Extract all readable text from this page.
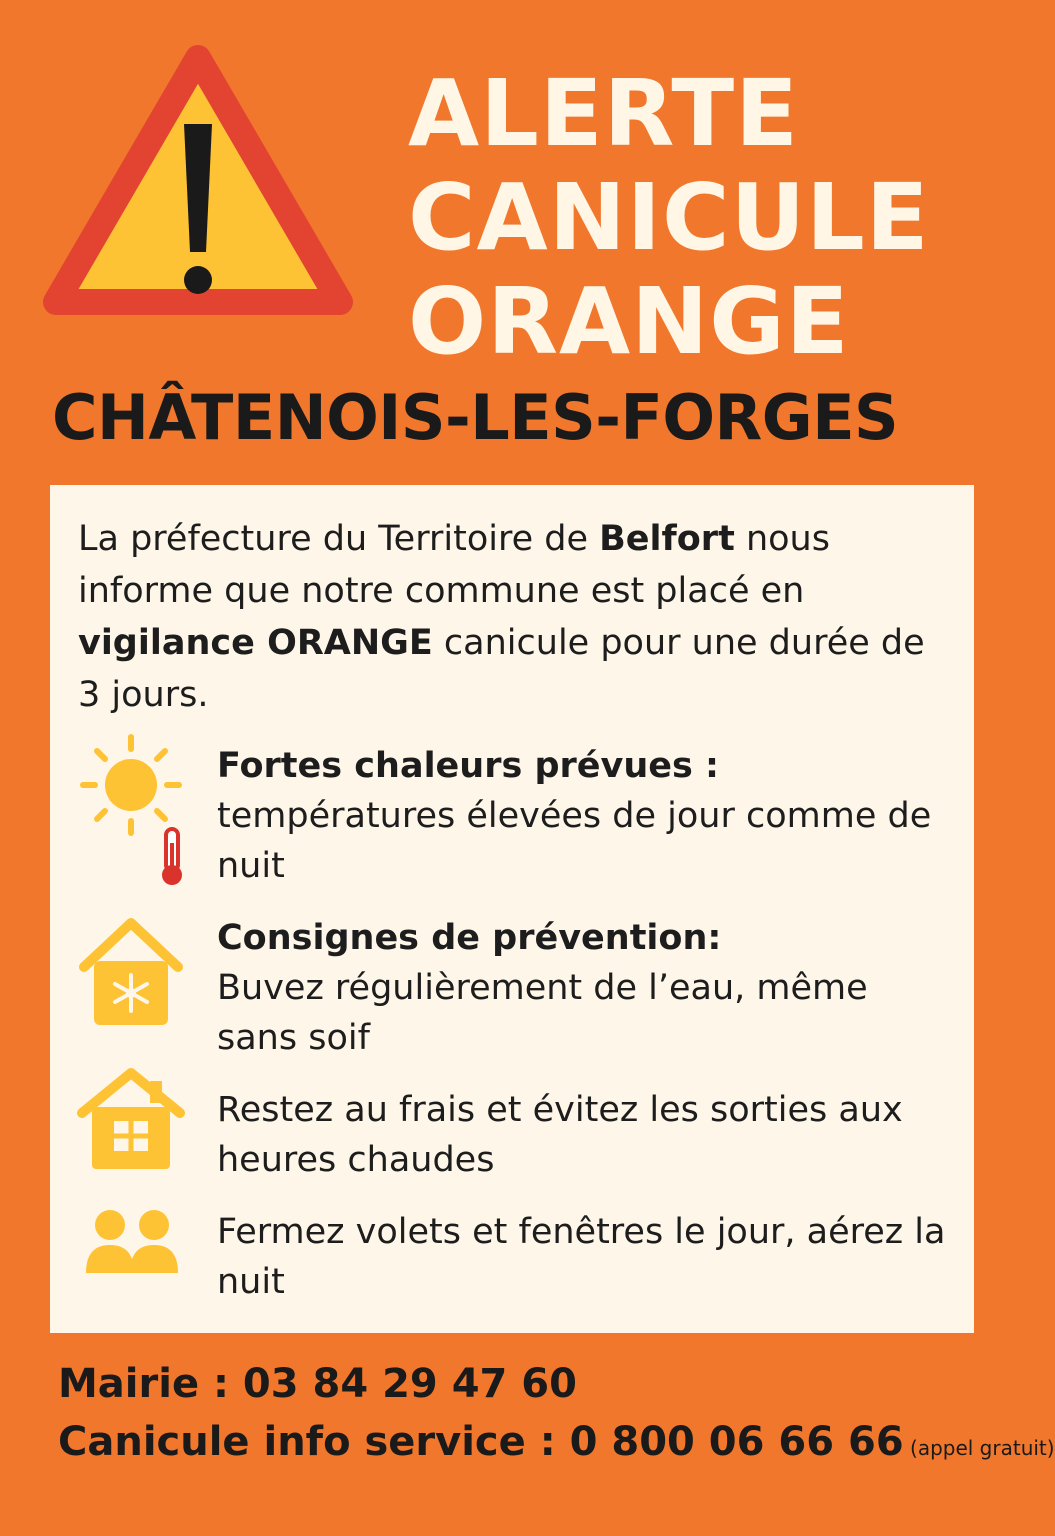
ALERTE
CANICULE
ORANGE
CHÂTENOIS-LES-FORGES
La préfecture du Territoire de Belfort nous informe que notre commune est placé en vigilance ORANGE canicule pour une durée de 3 jours.
Fortes chaleurs prévues :
températures élevées de jour comme de nuit
Consignes de prévention:
Buvez régulièrement de l’eau, même sans soif
Restez au frais et évitez les sorties aux heures chaudes
Fermez volets et fenêtres le jour, aérez la nuit
Mairie : 03 84 29 47 60
Canicule info service : 0 800 06 66 66 (appel gratuit)
